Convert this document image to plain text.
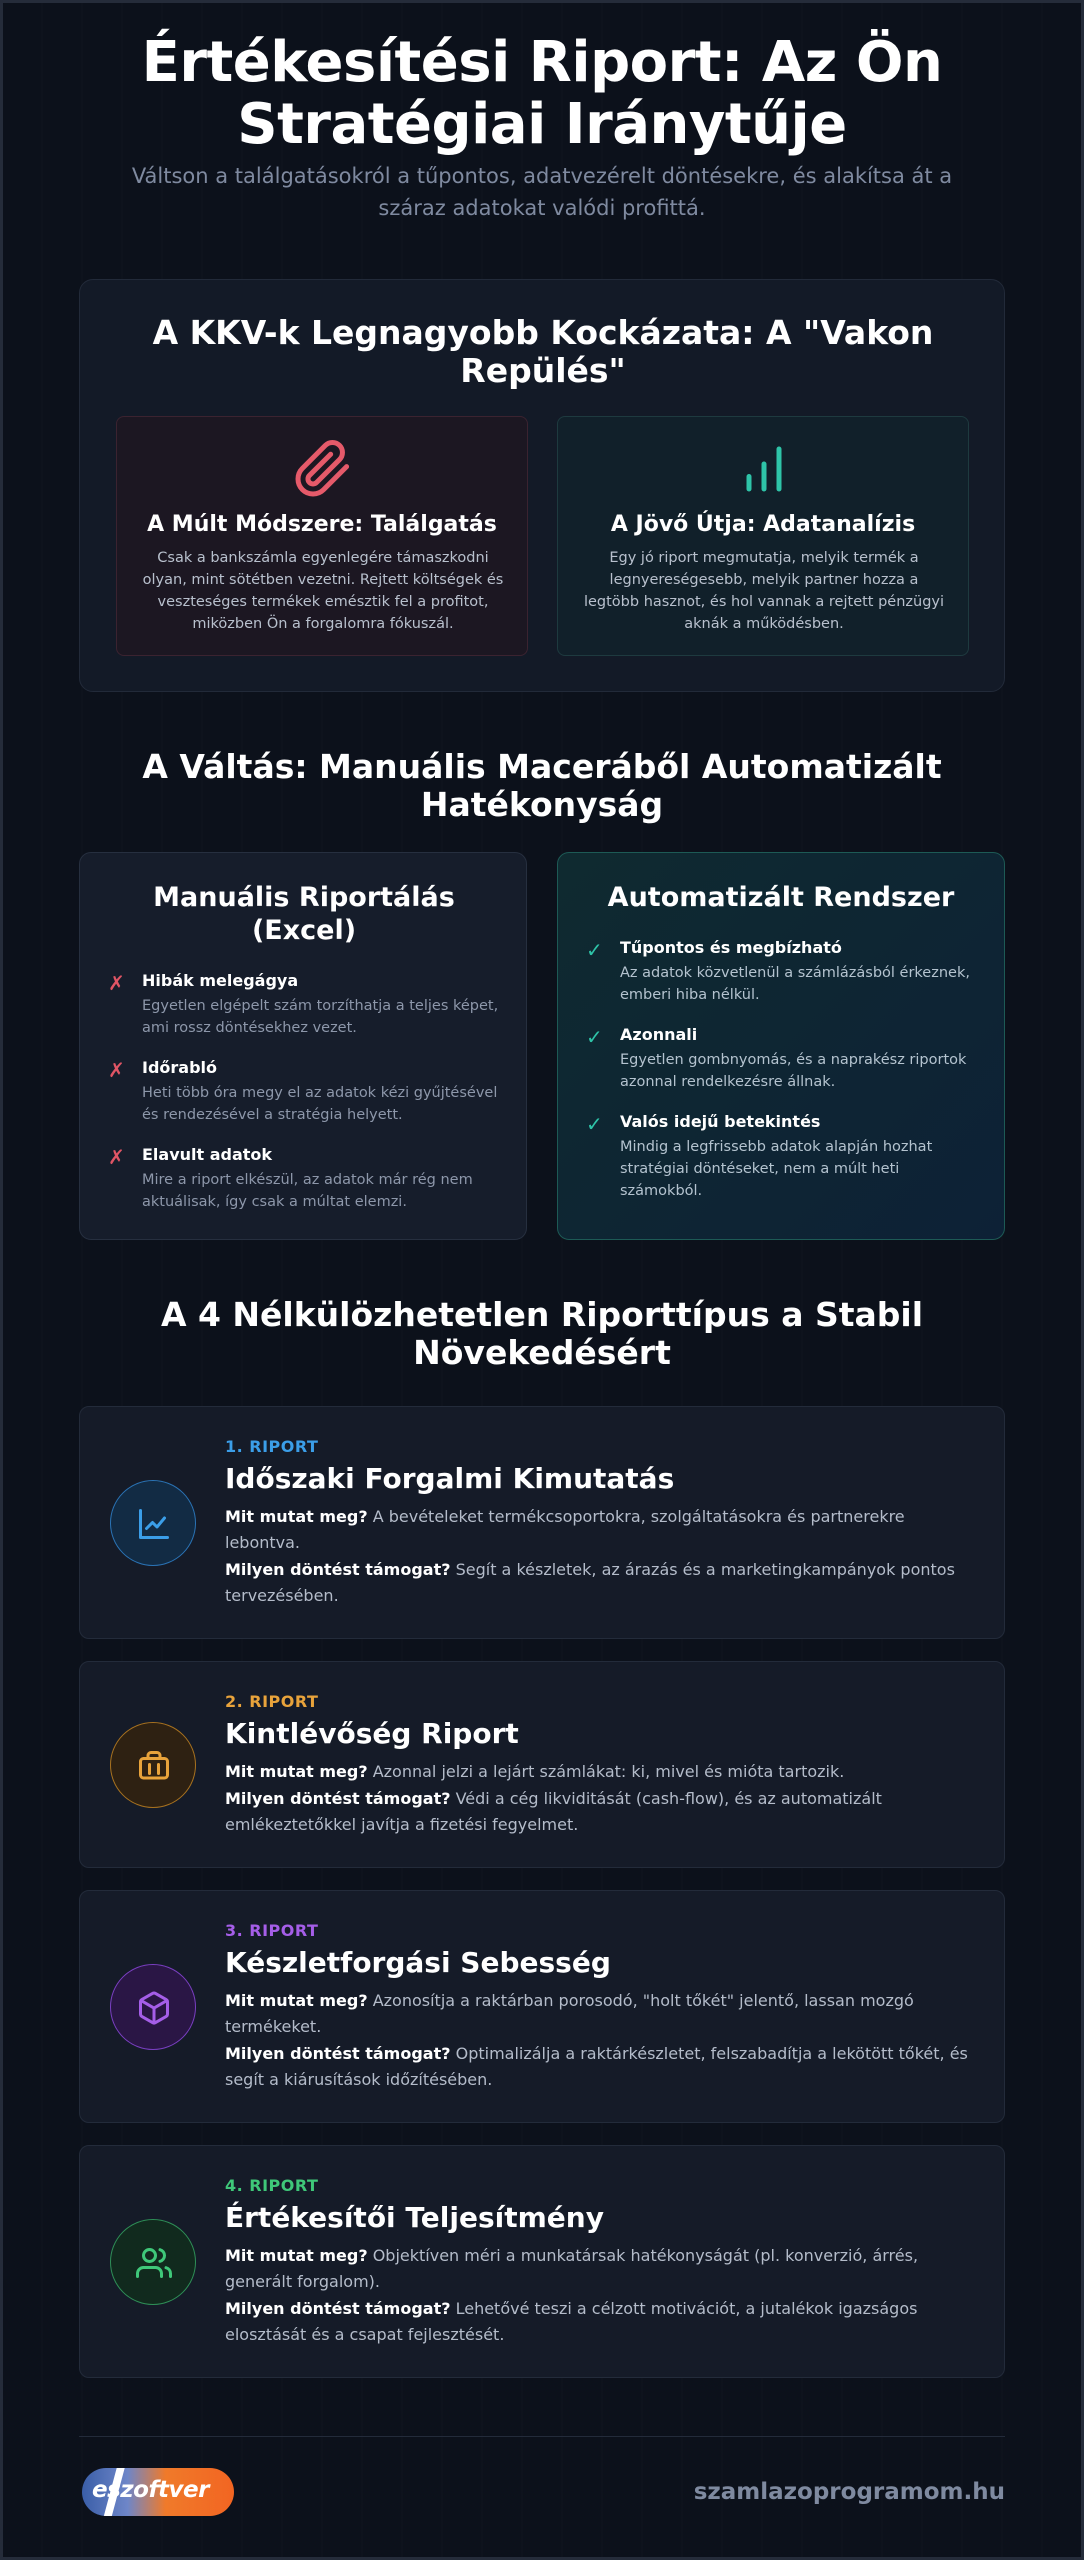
Értékesítési Riport: Az Ön Stratégiai Iránytűje

Váltson a találgatásokról a tűpontos, adatvezérelt döntésekre, és alakítsa át a száraz adatokat valódi profittá.

A KKV-k Legnagyobb Kockázata: A "Vakon Repülés"
A Múlt Módszere: Találgatás
Csak a bankszámla egyenlegére támaszkodni olyan, mint sötétben vezetni. Rejtett költségek és veszteséges termékek emésztik fel a profitot, miközben Ön a forgalomra fókuszál.
A Jövő Útja: Adatanalízis
Egy jó riport megmutatja, melyik termék a legnyereségesebb, melyik partner hozza a legtöbb hasznot, és hol vannak a rejtett pénzügyi aknák a működésben.
A Váltás: Manuális Maceráből Automatizált Hatékonyság
Manuális Riportálás (Excel)
✗ Hibák melegágya
Egyetlen elgépelt szám torzíthatja a teljes képet, ami rossz döntésekhez vezet.
✗ Időrabló
Heti több óra megy el az adatok kézi gyűjtésével és rendezésével a stratégia helyett.
✗ Elavult adatok
Mire a riport elkészül, az adatok már rég nem aktuálisak, így csak a múltat elemzi.
Automatizált Rendszer
✓ Tűpontos és megbízható
Az adatok közvetlenül a számlázásból érkeznek, emberi hiba nélkül.
✓ Azonnali
Egyetlen gombnyomás, és a naprakész riportok azonnal rendelkezésre állnak.
✓ Valós idejű betekintés
Mindig a legfrissebb adatok alapján hozhat stratégiai döntéseket, nem a múlt heti számokból.
A 4 Nélkülözhetetlen Riporttípus a Stabil Növekedésért
1. RIPORT
Időszaki Forgalmi Kimutatás
Mit mutat meg? A bevételeket termékcsoportokra, szolgáltatásokra és partnerekre lebontva.
Milyen döntést támogat? Segít a készletek, az árazás és a marketingkampányok pontos tervezésében.
2. RIPORT
Kintlévőség Riport
Mit mutat meg? Azonnal jelzi a lejárt számlákat: ki, mivel és mióta tartozik.
Milyen döntést támogat? Védi a cég likviditását (cash-flow), és az automatizált emlékeztetőkkel javítja a fizetési fegyelmet.
3. RIPORT
Készletforgási Sebesség
Mit mutat meg? Azonosítja a raktárban porosodó, "holt tőkét" jelentő, lassan mozgó termékeket.
Milyen döntést támogat? Optimalizálja a raktárkészletet, felszabadítja a lekötött tőkét, és segít a kiárusítások időzítésében.
4. RIPORT
Értékesítői Teljesítmény
Mit mutat meg? Objektíven méri a munkatársak hatékonyságát (pl. konverzió, árrés, generált forgalom).
Milyen döntést támogat? Lehetővé teszi a célzott motivációt, a jutalékok igazságos elosztását és a csapat fejlesztését.
eszoftver	szamlazoprogramom.hu
